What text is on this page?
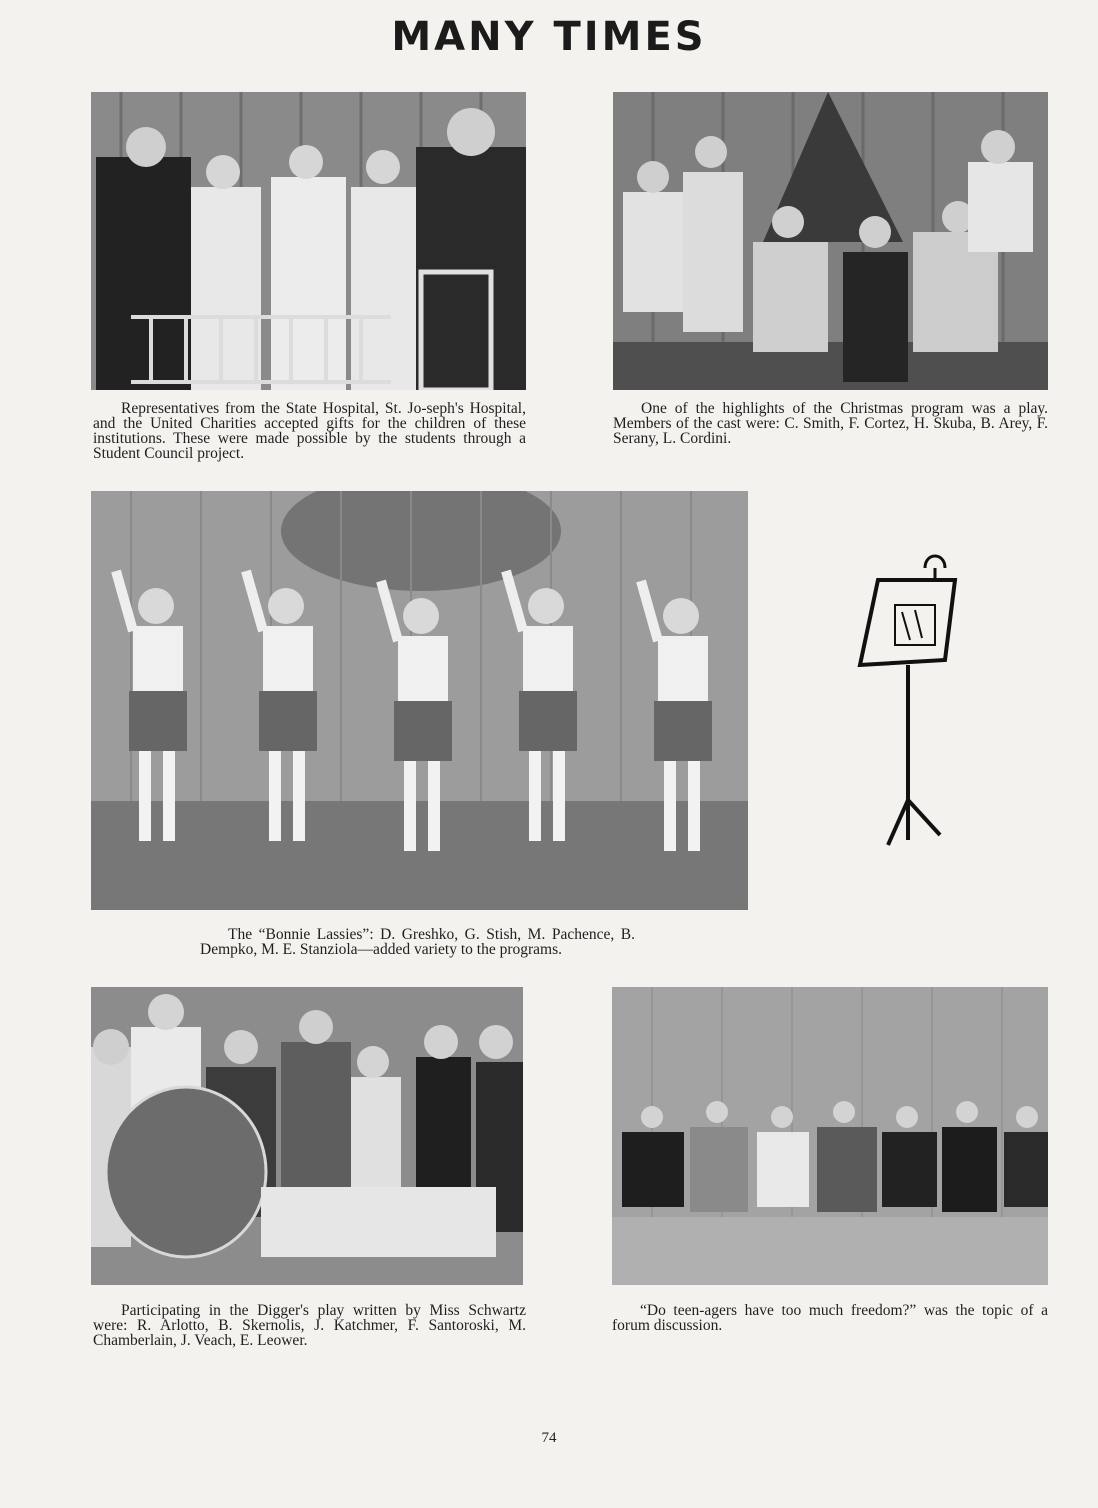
MANY TIMES
Representatives from the State Hospital, St. Jo-seph's Hospital, and the United Charities accepted gifts for the children of these institutions. These were made possible by the students through a Student Council project.
One of the highlights of the Christmas program was a play. Members of the cast were: C. Smith, F. Cortez, H. Skuba, B. Arey, F. Serany, L. Cordini.
The “Bonnie Lassies”: D. Greshko, G. Stish, M. Pachence, B. Dempko, M. E. Stanziola—added variety to the programs.
Participating in the Digger's play written by Miss Schwartz were: R. Arlotto, B. Skernolis, J. Katchmer, F. Santoroski, M. Chamberlain, J. Veach, E. Leower.
“Do teen-agers have too much freedom?” was the topic of a forum discussion.
74
